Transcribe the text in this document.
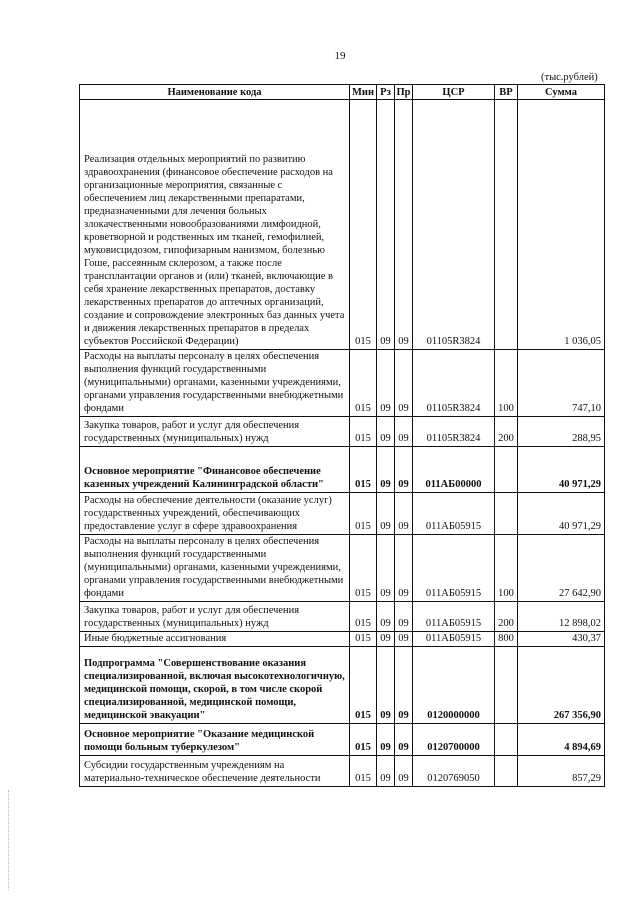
19
(тыс.рублей)
Наименование кода	Мин	Рз	Пр	ЦСР	ВР	Сумма
Реализация отдельных мероприятий по развитию здравоохранения (финансовое обеспечение расходов на организационные мероприятия, связанные с обеспечением лиц лекарственными препаратами, предназначенными для лечения больных злокачественными новообразованиями лимфоидной, кроветворной и родственных им тканей, гемофилией, муковисцидозом, гипофизарным нанизмом, болезнью Гоше, рассеянным склерозом, а также после трансплантации органов и (или) тканей, включающие в себя хранение лекарственных препаратов, доставку лекарственных препаратов до аптечных организаций, создание и сопровождение электронных баз данных учета и движения лекарственных препаратов в пределах субъектов Российской Федерации)	015	09	09	01105R3824		1 036,05
Расходы на выплаты персоналу в целях обеспечения выполнения функций государственными (муниципальными) органами, казенными учреждениями, органами управления государственными внебюджетными фондами	015	09	09	01105R3824	100	747,10
Закупка товаров, работ и услуг для обеспечения государственных (муниципальных) нужд	015	09	09	01105R3824	200	288,95
Основное мероприятие "Финансовое обеспечение казенных учреждений Калининградской области"	015	09	09	011АБ00000		40 971,29
Расходы на обеспечение деятельности (оказание услуг) государственных учреждений, обеспечивающих предоставление услуг в сфере здравоохранения	015	09	09	011АБ05915		40 971,29
Расходы на выплаты персоналу в целях обеспечения выполнения функций государственными (муниципальными) органами, казенными учреждениями, органами управления государственными внебюджетными фондами	015	09	09	011АБ05915	100	27 642,90
Закупка товаров, работ и услуг для обеспечения государственных (муниципальных) нужд	015	09	09	011АБ05915	200	12 898,02
Иные бюджетные ассигнования	015	09	09	011АБ05915	800	430,37
Подпрограмма "Совершенствование оказания специализированной, включая высокотехнологичную, медицинской помощи, скорой, в том числе скорой специализированной, медицинской помощи, медицинской эвакуации"	015	09	09	0120000000		267 356,90
Основное мероприятие "Оказание медицинской помощи больным туберкулезом"	015	09	09	0120700000		4 894,69
Субсидии государственным учреждениям на материально-техническое обеспечение деятельности	015	09	09	0120769050		857,29
